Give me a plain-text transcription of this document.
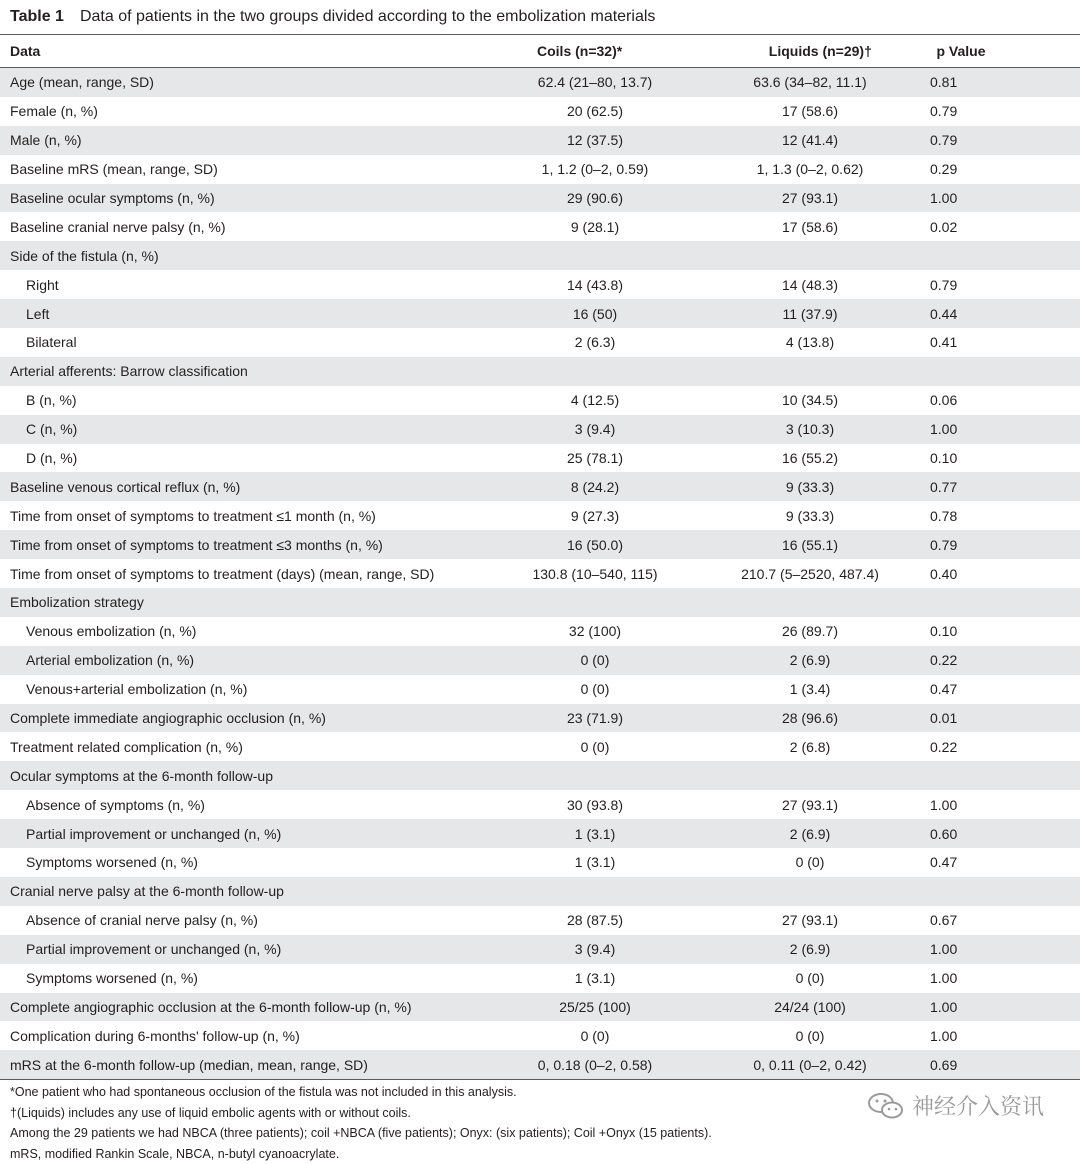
Table 1 Data of patients in the two groups divided according to the embolization materials
Data	Coils (n=32)*	Liquids (n=29)†	p Value
Age (mean, range, SD)	62.4 (21–80, 13.7)	63.6 (34–82, 11.1)	0.81
Female (n, %)	20 (62.5)	17 (58.6)	0.79
Male (n, %)	12 (37.5)	12 (41.4)	0.79
Baseline mRS (mean, range, SD)	1, 1.2 (0–2, 0.59)	1, 1.3 (0–2, 0.62)	0.29
Baseline ocular symptoms (n, %)	29 (90.6)	27 (93.1)	1.00
Baseline cranial nerve palsy (n, %)	9 (28.1)	17 (58.6)	0.02
Side of the fistula (n, %)
Right	14 (43.8)	14 (48.3)	0.79
Left	16 (50)	11 (37.9)	0.44
Bilateral	2 (6.3)	4 (13.8)	0.41
Arterial afferents: Barrow classification
B (n, %)	4 (12.5)	10 (34.5)	0.06
C (n, %)	3 (9.4)	3 (10.3)	1.00
D (n, %)	25 (78.1)	16 (55.2)	0.10
Baseline venous cortical reflux (n, %)	8 (24.2)	9 (33.3)	0.77
Time from onset of symptoms to treatment ≤1 month (n, %)	9 (27.3)	9 (33.3)	0.78
Time from onset of symptoms to treatment ≤3 months (n, %)	16 (50.0)	16 (55.1)	0.79
Time from onset of symptoms to treatment (days) (mean, range, SD)	130.8 (10–540, 115)	210.7 (5–2520, 487.4)	0.40
Embolization strategy
Venous embolization (n, %)	32 (100)	26 (89.7)	0.10
Arterial embolization (n, %)	0 (0)	2 (6.9)	0.22
Venous+arterial embolization (n, %)	0 (0)	1 (3.4)	0.47
Complete immediate angiographic occlusion (n, %)	23 (71.9)	28 (96.6)	0.01
Treatment related complication (n, %)	0 (0)	2 (6.8)	0.22
Ocular symptoms at the 6-month follow-up
Absence of symptoms (n, %)	30 (93.8)	27 (93.1)	1.00
Partial improvement or unchanged (n, %)	1 (3.1)	2 (6.9)	0.60
Symptoms worsened (n, %)	1 (3.1)	0 (0)	0.47
Cranial nerve palsy at the 6-month follow-up
Absence of cranial nerve palsy (n, %)	28 (87.5)	27 (93.1)	0.67
Partial improvement or unchanged (n, %)	3 (9.4)	2 (6.9)	1.00
Symptoms worsened (n, %)	1 (3.1)	0 (0)	1.00
Complete angiographic occlusion at the 6-month follow-up (n, %)	25/25 (100)	24/24 (100)	1.00
Complication during 6-months' follow-up (n, %)	0 (0)	0 (0)	1.00
mRS at the 6-month follow-up (median, mean, range, SD)	0, 0.18 (0–2, 0.58)	0, 0.11 (0–2, 0.42)	0.69
*One patient who had spontaneous occlusion of the fistula was not included in this analysis.
†(Liquids) includes any use of liquid embolic agents with or without coils.
Among the 29 patients we had NBCA (three patients); coil +NBCA (five patients); Onyx: (six patients); Coil +Onyx (15 patients).
mRS, modified Rankin Scale, NBCA, n-butyl cyanoacrylate.
神经介入资讯
